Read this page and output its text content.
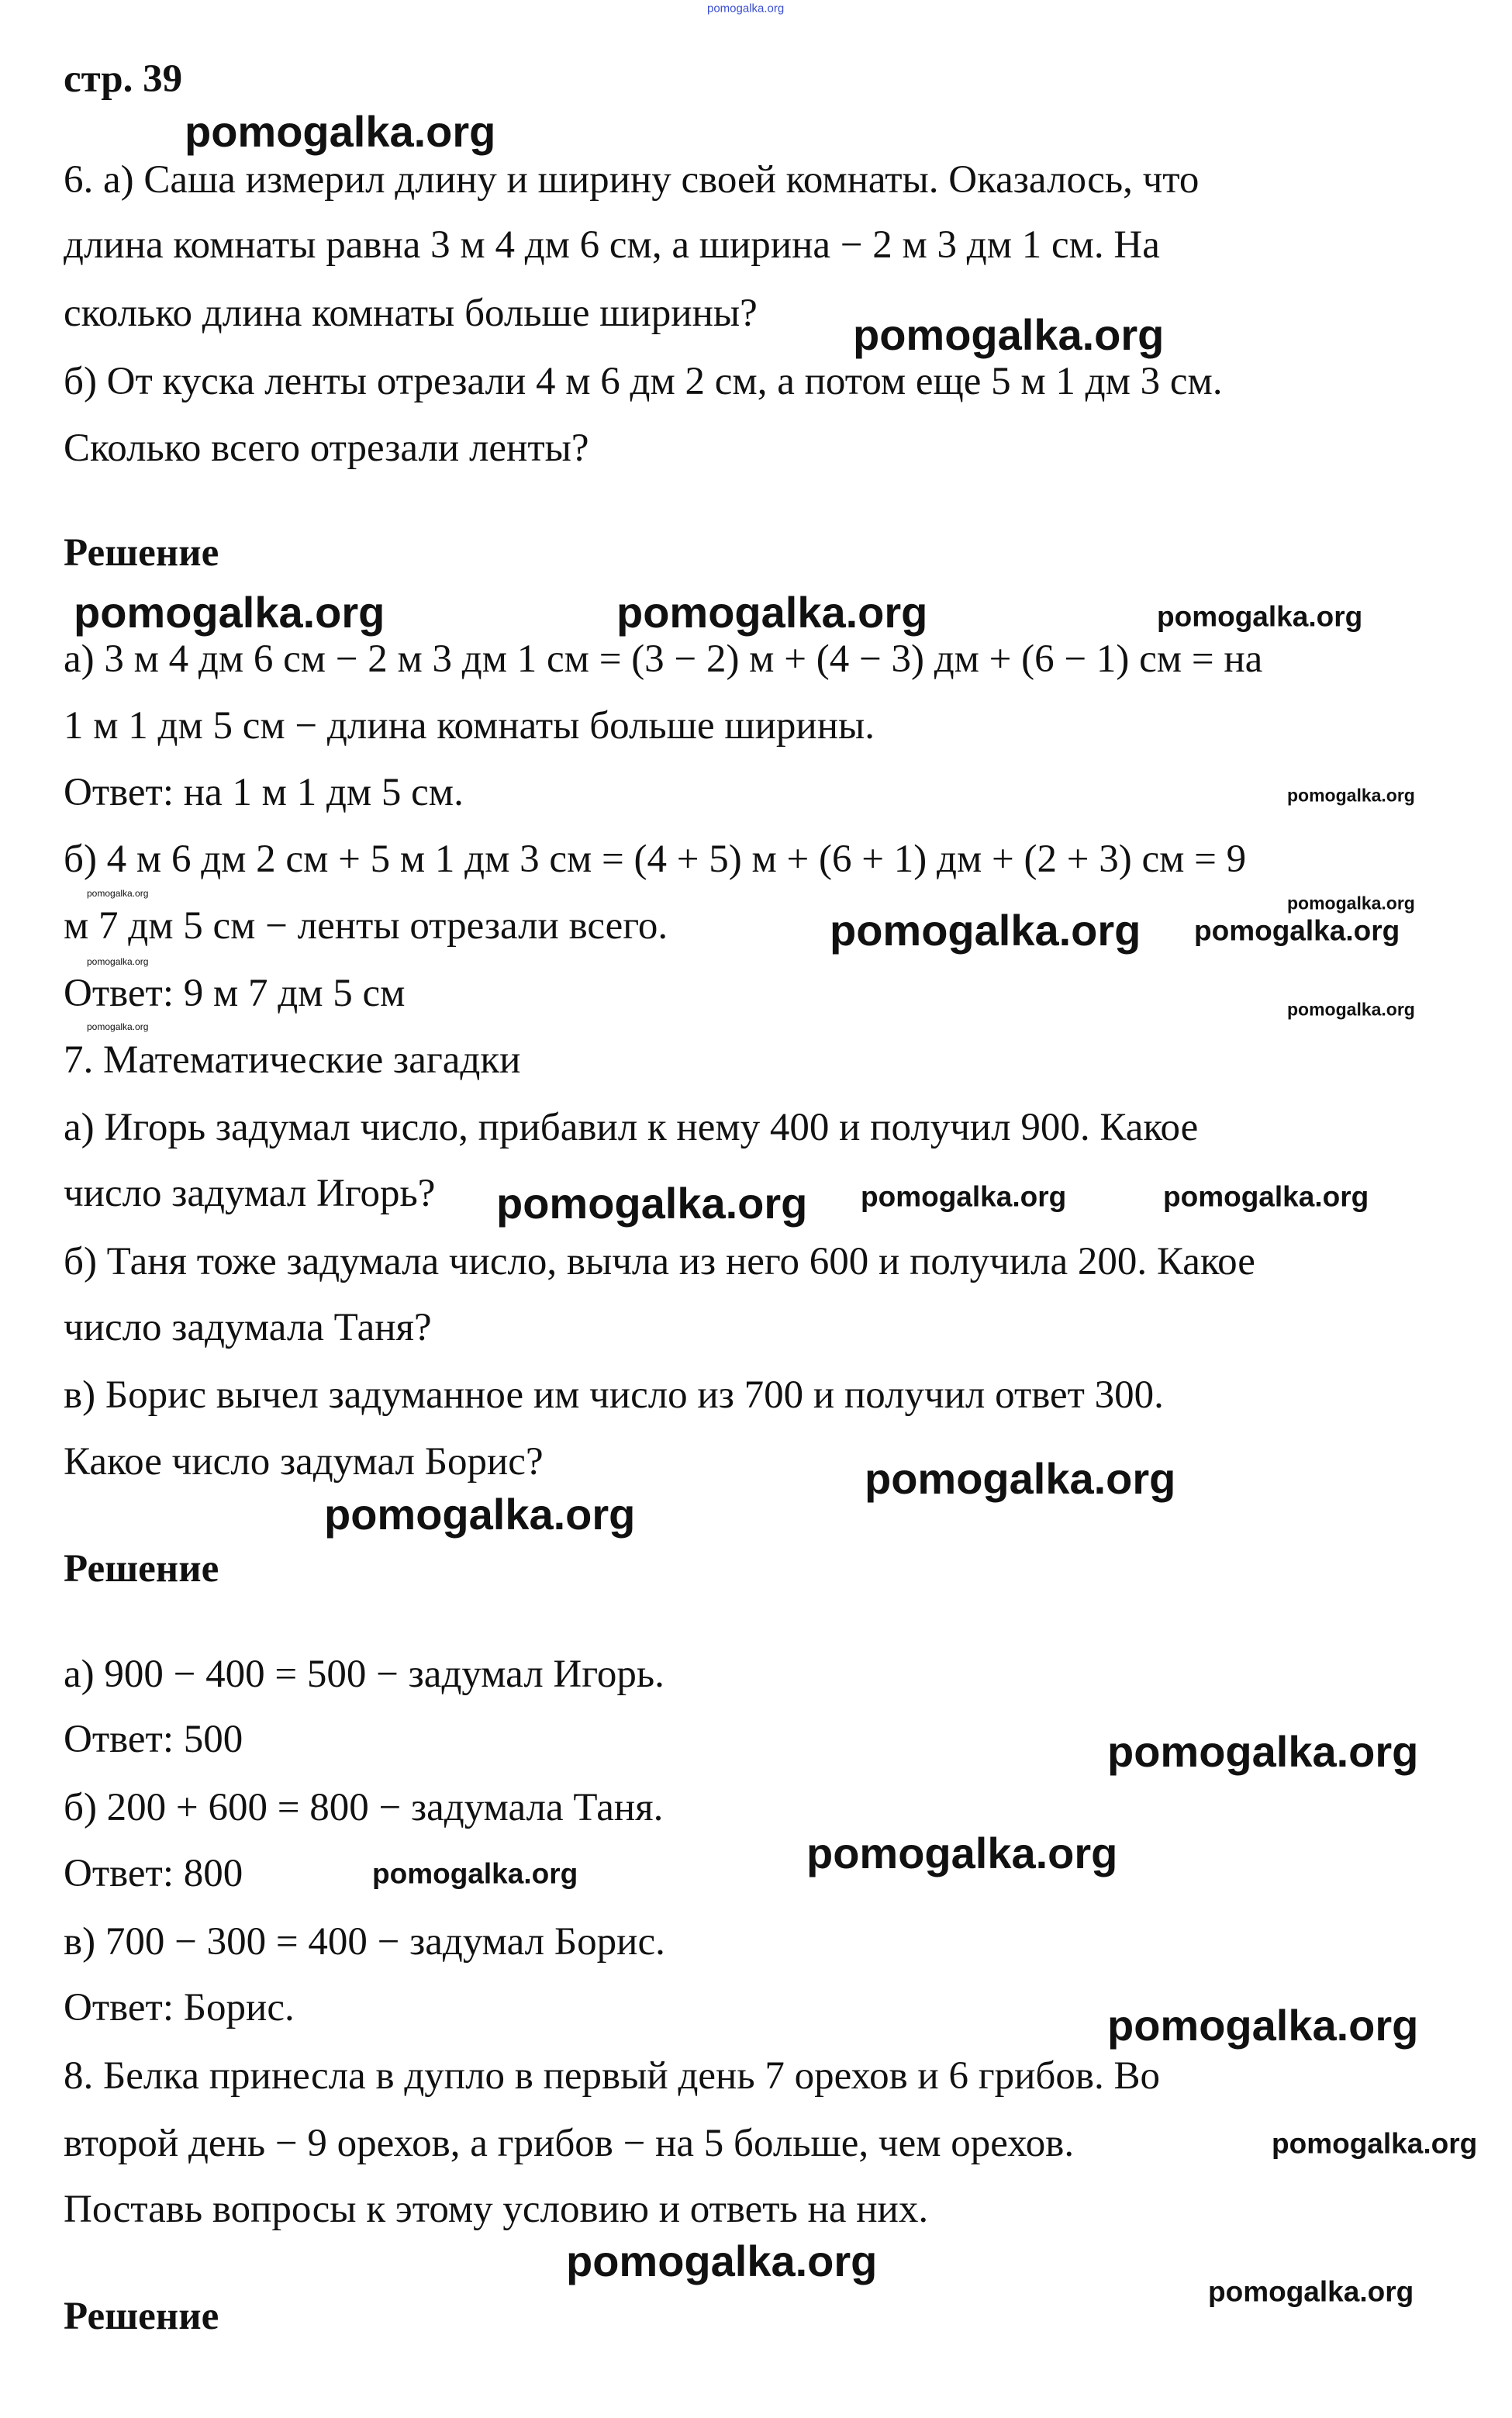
pomogalka.org
стр. 39
6. а) Саша измерил длину и ширину своей комнаты. Оказалось, что
длина комнаты равна 3 м 4 дм 6 см, а ширина − 2 м 3 дм 1 см. На
сколько длина комнаты больше ширины?
б) От куска ленты отрезали 4 м 6 дм 2 см, а потом еще 5 м 1 дм 3 см.
Сколько всего отрезали ленты?
Решение
а) 3 м 4 дм 6 см − 2 м 3 дм 1 см = (3 − 2) м + (4 − 3) дм + (6 − 1) см = на
1 м 1 дм 5 см − длина комнаты больше ширины.
Ответ: на 1 м 1 дм 5 см.
б) 4 м 6 дм 2 см + 5 м 1 дм 3 см = (4 + 5) м + (6 + 1) дм + (2 + 3) см = 9
м 7 дм 5 см − ленты отрезали всего.
Ответ: 9 м 7 дм 5 см
7. Математические загадки
а) Игорь задумал число, прибавил к нему 400 и получил 900. Какое
число задумал Игорь?
б) Таня тоже задумала число, вычла из него 600 и получила 200. Какое
число задумала Таня?
в) Борис вычел задуманное им число из 700 и получил ответ 300.
Какое число задумал Борис?
Решение
а) 900 − 400 = 500 − задумал Игорь.
Ответ: 500
б) 200 + 600 = 800 − задумала Таня.
Ответ: 800
в) 700 − 300 = 400 − задумал Борис.
Ответ: Борис.
8. Белка принесла в дупло в первый день 7 орехов и 6 грибов. Во
второй день − 9 орехов, а грибов − на 5 больше, чем орехов.
Поставь вопросы к этому условию и ответь на них.
Решение
pomogalka.org
pomogalka.org
pomogalka.org	pomogalka.org	pomogalka.org
pomogalka.org
pomogalka.org
pomogalka.org
pomogalka.org
pomogalka.org
pomogalka.org
pomogalka.org
pomogalka.org
pomogalka.org	pomogalka.org
pomogalka.org
pomogalka.org
pomogalka.org
pomogalka.org
pomogalka.org	pomogalka.org
pomogalka.org
pomogalka.org
pomogalka.org
pomogalka.org
